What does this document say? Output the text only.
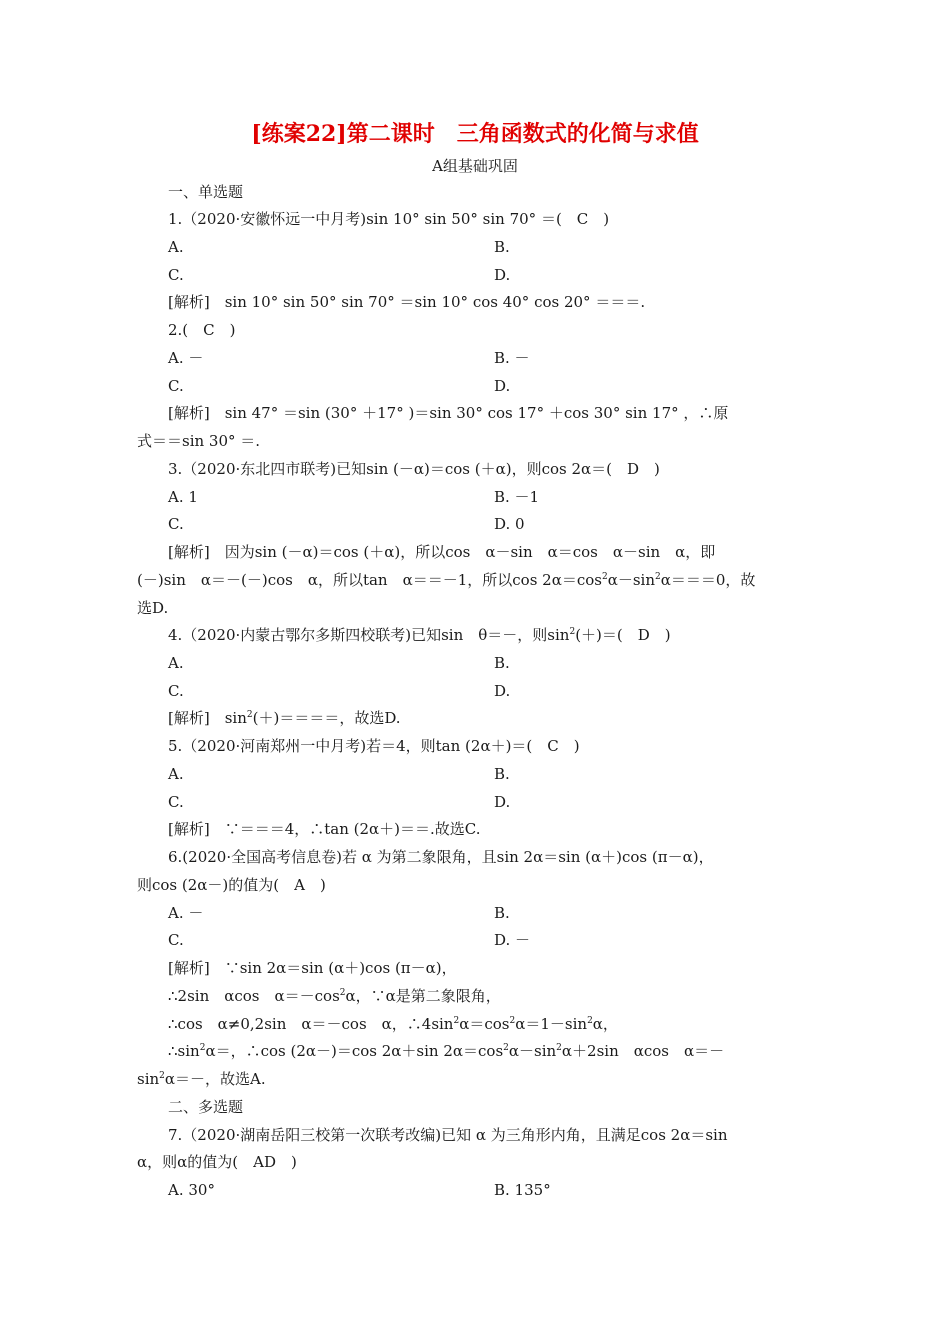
[练案22]第二课时　三角函数式的化简与求值
A组基础巩固
一、单选题
1.（2020·安徽怀远一中月考)sin 10° sin 50° sin 70° ＝(　C　)
A.	B.
C.	D.
[解析]　sin 10° sin 50° sin 70° ＝sin 10° cos 40° cos 20° ＝＝＝.
2.(　C　)
A. －	B. －
C.	D.
[解析]　sin 47° ＝sin (30° ＋17° )＝sin 30° cos 17° ＋cos 30° sin 17° ，∴原
式＝＝sin 30° ＝.
3.（2020·东北四市联考)已知sin (－α)＝cos (＋α)，则cos 2α＝(　D　)
A. 1	B. －1
C.	D. 0
[解析]　因为sin (－α)＝cos (＋α)，所以cos　α－sin　α＝cos　α－sin　α，即
(－)sin　α＝－(－)cos　α，所以tan　α＝＝－1，所以$\cos 2\alpha=\cos^2\alpha-\sin^2\alpha===0$，故
选D.
4.（2020·内蒙古鄂尔多斯四校联考)已知sin　θ＝－，则$\sin^2(+)=$(　D　)
A.	B.
C.	D.
[解析]　$\sin^2(+)====$，故选D.
5.（2020·河南郑州一中月考)若＝4，则tan (2α＋)＝(　C　)
A.	B.
C.	D.
[解析]　∵＝＝＝4，∴tan (2α＋)＝＝.故选C.
6.(2020·全国高考信息卷)若 α 为第二象限角，且sin 2α＝sin (α＋)cos (π－α)，
则cos (2α－)的值为(　A　)
A. －	B.
C.	D. －
[解析]　∵sin 2α＝sin (α＋)cos (π－α)，
∴2sin　αcos　$\alpha=-\cos^2\alpha$，∵α是第二象限角，
∴cos　α≠0,2sin　α＝－cos　α，$\therefore 4\sin^2\alpha=\cos^2\alpha=1-\sin^2\alpha$，
$\therefore\sin^2\alpha=$，∴cos (2α－)＝cos 2α＋sin $2\alpha=\cos^2\alpha-\sin^2\alpha+2\sin$　αcos　α＝－
$\sin^2\alpha=-$，故选A.
二、多选题
7.（2020·湖南岳阳三校第一次联考改编)已知 α 为三角形内角，且满足cos 2α＝sin
α，则α的值为(　AD　)
A. 30°	B. 135°
